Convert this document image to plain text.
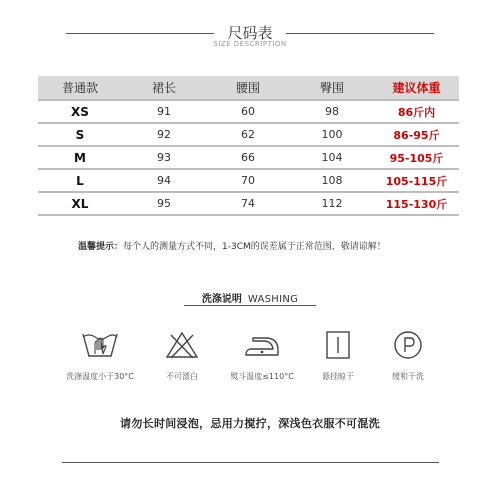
尺码表
SIZE DESCRIPTION
普通款	裙长	腰围	臀围	建议体重
XS	91	60	98	86斤内
S	92	62	100	86-95斤
M	93	66	104	95-105斤
L	94	70	108	105-115斤
XL	95	74	112	115-130斤
温馨提示：每个人的测量方式不同，1-3CM的误差属于正常范围，敬请谅解！
洗涤说明 WASHING
洗涤温度小于30°C	不可漂白	熨斗温度≤110°C	悬挂晾干	缓和干洗
请勿长时间浸泡，忌用力搅拧，深浅色衣服不可混洗
